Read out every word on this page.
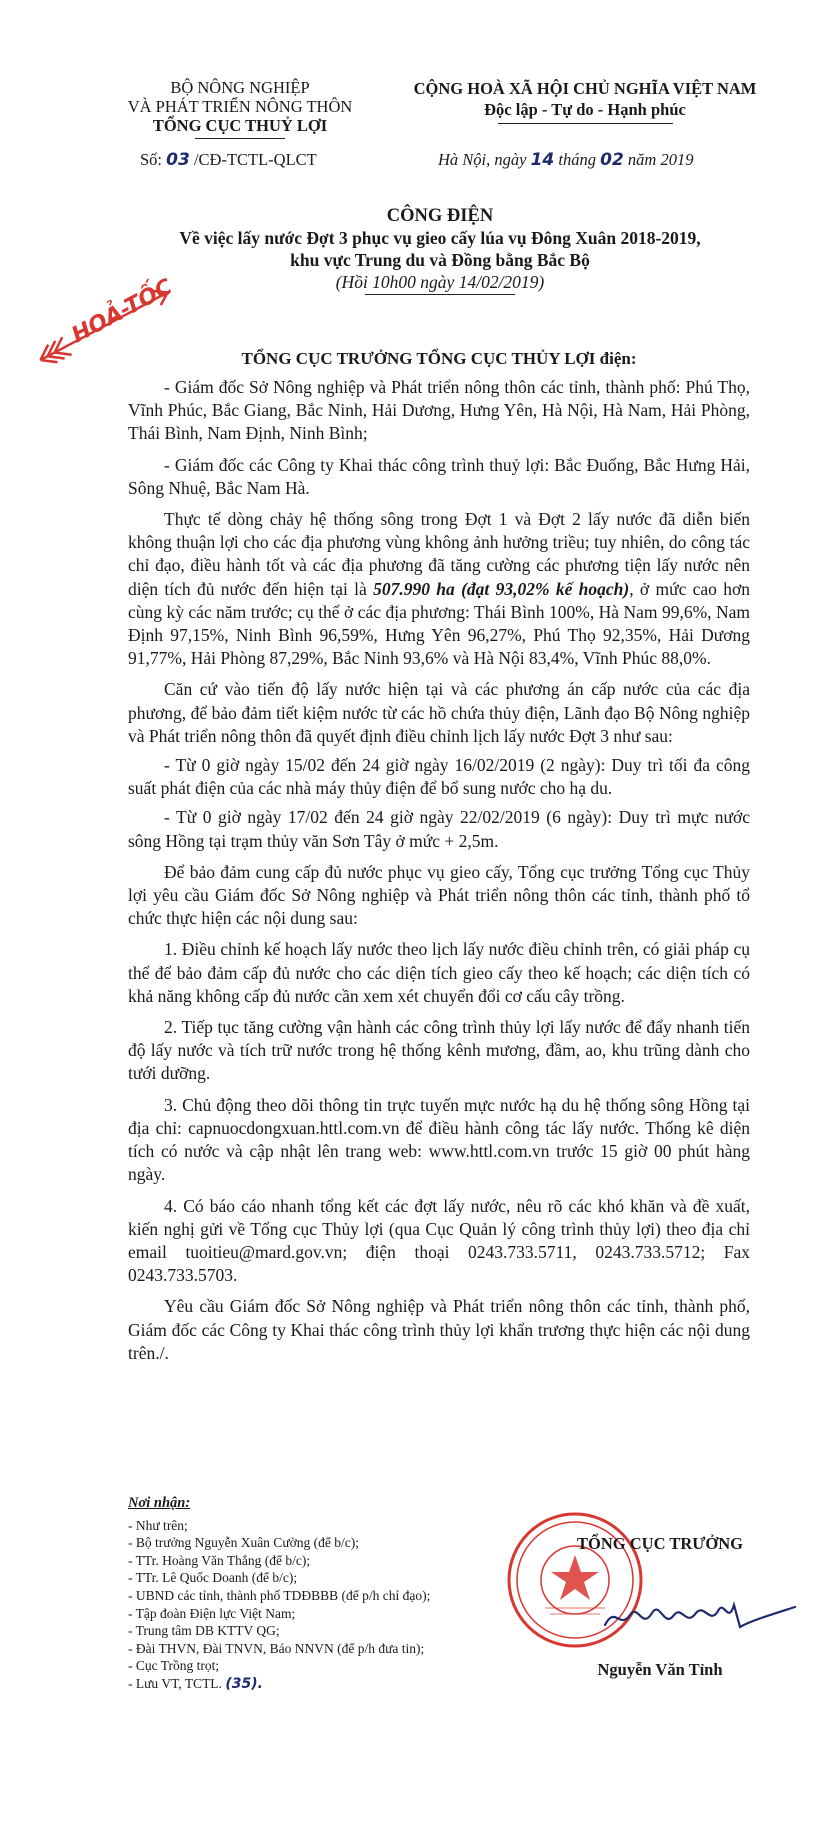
BỘ NÔNG NGHIỆP
VÀ PHÁT TRIỂN NÔNG THÔN
TỔNG CỤC THUỶ LỢI
CỘNG HOÀ XÃ HỘI CHỦ NGHĨA VIỆT NAM
Độc lập - Tự do - Hạnh phúc
Số: 03 /CĐ-TCTL-QLCT	Hà Nội, ngày 14 tháng 02 năm 2019
CÔNG ĐIỆN
Về việc lấy nước Đợt 3 phục vụ gieo cấy lúa vụ Đông Xuân 2018-2019,
khu vực Trung du và Đồng bằng Bắc Bộ
(Hồi 10h00 ngày 14/02/2019)
HOẢ-TỐC
TỔNG CỤC TRƯỞNG TỔNG CỤC THỦY LỢI điện:

- Giám đốc Sở Nông nghiệp và Phát triển nông thôn các tỉnh, thành phố: Phú Thọ, Vĩnh Phúc, Bắc Giang, Bắc Ninh, Hải Dương, Hưng Yên, Hà Nội, Hà Nam, Hải Phòng, Thái Bình, Nam Định, Ninh Bình;

- Giám đốc các Công ty Khai thác công trình thuỷ lợi: Bắc Đuống, Bắc Hưng Hải, Sông Nhuệ, Bắc Nam Hà.

Thực tế dòng chảy hệ thống sông trong Đợt 1 và Đợt 2 lấy nước đã diễn biến không thuận lợi cho các địa phương vùng không ảnh hưởng triều; tuy nhiên, do công tác chỉ đạo, điều hành tốt và các địa phương đã tăng cường các phương tiện lấy nước nên diện tích đủ nước đến hiện tại là 507.990 ha (đạt 93,02% kế hoạch), ở mức cao hơn cùng kỳ các năm trước; cụ thể ở các địa phương: Thái Bình 100%, Hà Nam 99,6%, Nam Định 97,15%, Ninh Bình 96,59%, Hưng Yên 96,27%, Phú Thọ 92,35%, Hải Dương 91,77%, Hải Phòng 87,29%, Bắc Ninh 93,6% và Hà Nội 83,4%, Vĩnh Phúc 88,0%.

Căn cứ vào tiến độ lấy nước hiện tại và các phương án cấp nước của các địa phương, để bảo đảm tiết kiệm nước từ các hồ chứa thủy điện, Lãnh đạo Bộ Nông nghiệp và Phát triển nông thôn đã quyết định điều chỉnh lịch lấy nước Đợt 3 như sau:

- Từ 0 giờ ngày 15/02 đến 24 giờ ngày 16/02/2019 (2 ngày): Duy trì tối đa công suất phát điện của các nhà máy thủy điện để bổ sung nước cho hạ du.

- Từ 0 giờ ngày 17/02 đến 24 giờ ngày 22/02/2019 (6 ngày): Duy trì mực nước sông Hồng tại trạm thủy văn Sơn Tây ở mức + 2,5m.

Để bảo đảm cung cấp đủ nước phục vụ gieo cấy, Tổng cục trưởng Tổng cục Thủy lợi yêu cầu Giám đốc Sở Nông nghiệp và Phát triển nông thôn các tỉnh, thành phố tổ chức thực hiện các nội dung sau:

1. Điều chỉnh kế hoạch lấy nước theo lịch lấy nước điều chỉnh trên, có giải pháp cụ thể để bảo đảm cấp đủ nước cho các diện tích gieo cấy theo kế hoạch; các diện tích có khả năng không cấp đủ nước cần xem xét chuyển đổi cơ cấu cây trồng.

2. Tiếp tục tăng cường vận hành các công trình thủy lợi lấy nước để đẩy nhanh tiến độ lấy nước và tích trữ nước trong hệ thống kênh mương, đầm, ao, khu trũng dành cho tưới dưỡng.

3. Chủ động theo dõi thông tin trực tuyến mực nước hạ du hệ thống sông Hồng tại địa chỉ: capnuocdongxuan.httl.com.vn để điều hành công tác lấy nước. Thống kê diện tích có nước và cập nhật lên trang web: www.httl.com.vn trước 15 giờ 00 phút hàng ngày.

4. Có báo cáo nhanh tổng kết các đợt lấy nước, nêu rõ các khó khăn và đề xuất, kiến nghị gửi về Tổng cục Thủy lợi (qua Cục Quản lý công trình thủy lợi) theo địa chỉ email tuoitieu@mard.gov.vn; điện thoại 0243.733.5711, 0243.733.5712; Fax 0243.733.5703.

Yêu cầu Giám đốc Sở Nông nghiệp và Phát triển nông thôn các tỉnh, thành phố, Giám đốc các Công ty Khai thác công trình thủy lợi khẩn trương thực hiện các nội dung trên./.

Nơi nhận:
- Như trên;
- Bộ trưởng Nguyễn Xuân Cường (để b/c);
- TTr. Hoàng Văn Thắng (để b/c);
- TTr. Lê Quốc Doanh (để b/c);
- UBND các tỉnh, thành phố TDĐBBB (để p/h chỉ đạo);
- Tập đoàn Điện lực Việt Nam;
- Trung tâm DB KTTV QG;
- Đài THVN, Đài TNVN, Báo NNVN (để p/h đưa tin);
- Cục Trồng trọt;
- Lưu VT, TCTL. (35).
TỔNG CỤC TRƯỞNG
Nguyễn Văn Tỉnh
